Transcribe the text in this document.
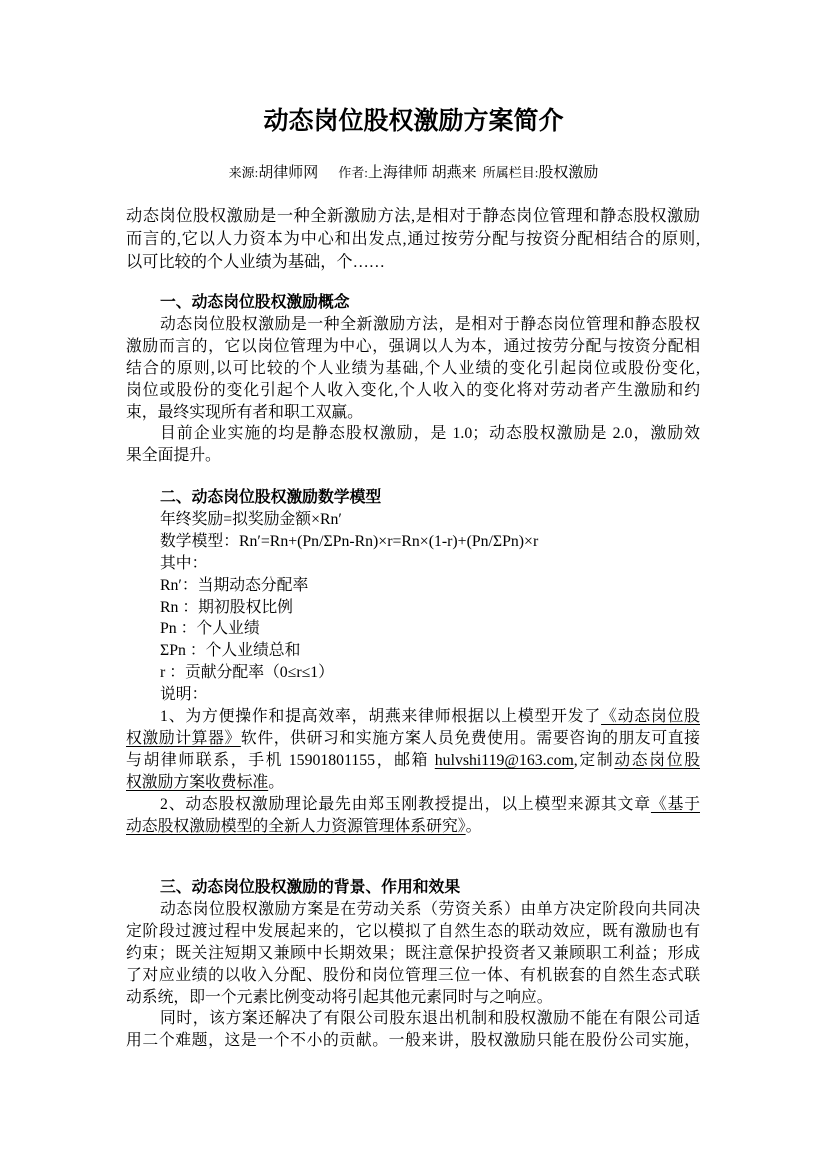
动态岗位股权激励方案简介
来源:胡律师网 作者:上海律师 胡燕来 所属栏目:股权激励
动态岗位股权激励是一种全新激励方法,是相对于静态岗位管理和静态股权激励
而言的,它以人力资本为中心和出发点,通过按劳分配与按资分配相结合的原则,
以可比较的个人业绩为基础，个……
一、动态岗位股权激励概念
动态岗位股权激励是一种全新激励方法，是相对于静态岗位管理和静态股权
激励而言的，它以岗位管理为中心，强调以人为本，通过按劳分配与按资分配相
结合的原则,以可比较的个人业绩为基础,个人业绩的变化引起岗位或股份变化,
岗位或股份的变化引起个人收入变化,个人收入的变化将对劳动者产生激励和约
束，最终实现所有者和职工双赢。
目前企业实施的均是静态股权激励，是 1.0；动态股权激励是 2.0，激励效
果全面提升。
二、动态岗位股权激励数学模型
年终奖励=拟奖励金额×Rn′
数学模型：Rn′=Rn+(Pn/ΣPn-Rn)×r=Rn×(1-r)+(Pn/ΣPn)×r
其中：
Rn′：当期动态分配率
Rn ：期初股权比例
Pn ：个人业绩
ΣPn ：个人业绩总和
r ：贡献分配率（0≤r≤1）
说明：
1、为方便操作和提高效率，胡燕来律师根据以上模型开发了《动态岗位股
权激励计算器》软件，供研习和实施方案人员免费使用。需要咨询的朋友可直接
与胡律师联系，手机 15901801155，邮箱 hulvshi119@163.com,定制动态岗位股
权激励方案收费标准。
2、动态股权激励理论最先由郑玉刚教授提出，以上模型来源其文章《基于
动态股权激励模型的全新人力资源管理体系研究》。
三、动态岗位股权激励的背景、作用和效果
动态岗位股权激励方案是在劳动关系（劳资关系）由单方决定阶段向共同决
定阶段过渡过程中发展起来的，它以模拟了自然生态的联动效应，既有激励也有
约束；既关注短期又兼顾中长期效果；既注意保护投资者又兼顾职工利益；形成
了对应业绩的以收入分配、股份和岗位管理三位一体、有机嵌套的自然生态式联
动系统，即一个元素比例变动将引起其他元素同时与之响应。
同时，该方案还解决了有限公司股东退出机制和股权激励不能在有限公司适
用二个难题，这是一个不小的贡献。一般来讲，股权激励只能在股份公司实施，
